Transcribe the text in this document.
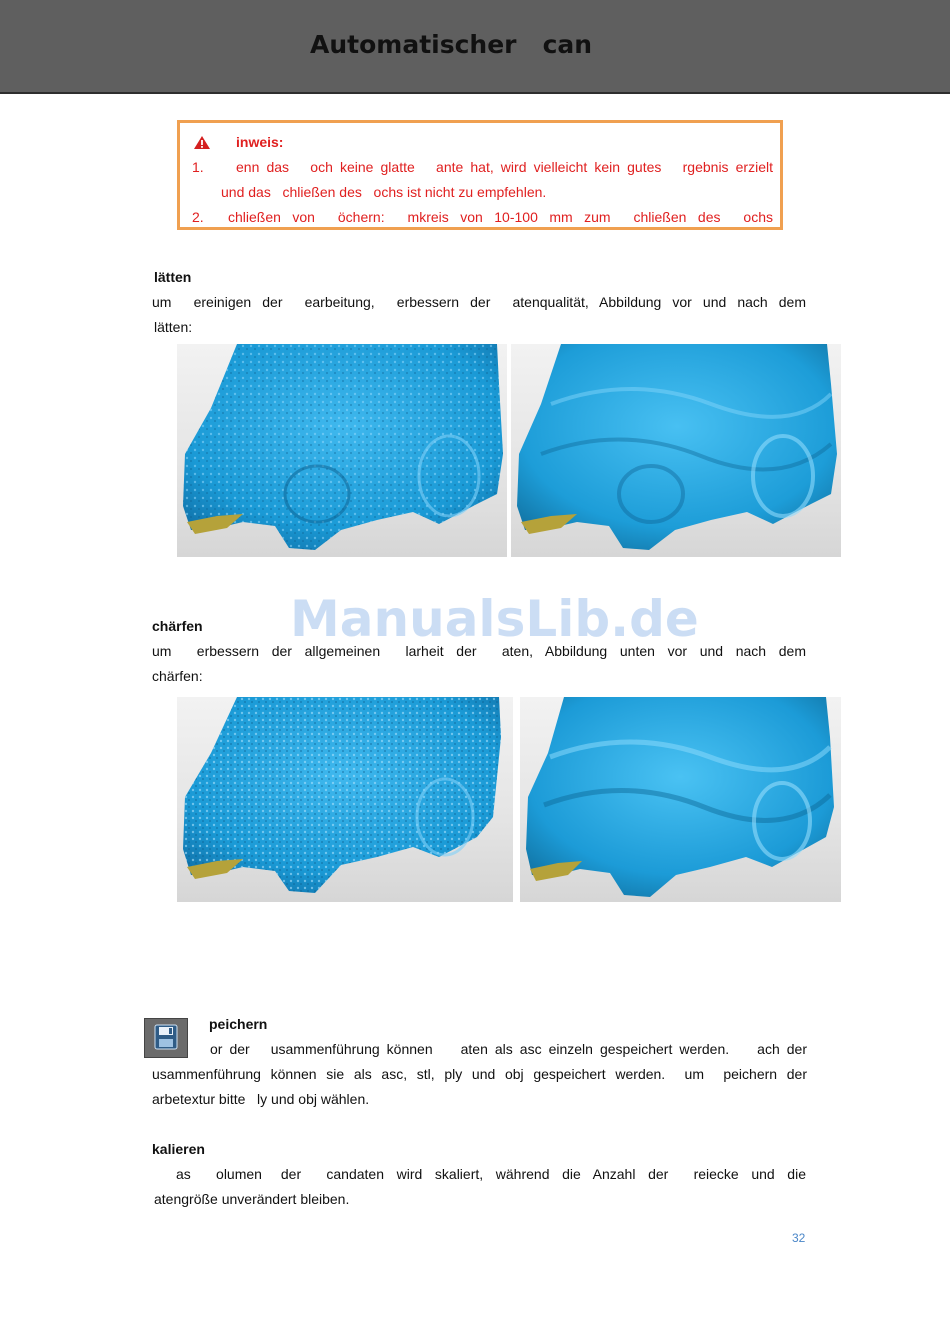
Automatischer   can
inweis:
1. enn das   och keine glatte   ante hat, wird vielleicht kein gutes   rgebnis erzielt
und das   chließen des   ochs ist nicht zu empfehlen.
2. chließen  von    öchern:    mkreis  von  10-100  mm  zum    chließen  des    ochs
lätten
um    ereinigen  der    earbeitung,    erbessern  der    atenqualität,  Abbildung  vor  und  nach  dem
lätten:
ManualsLib.de
chärfen
um    erbessern  der  allgemeinen    larheit  der    aten,  Abbildung  unten  vor  und  nach  dem
chärfen:
peichern
or der   usammenführung können    aten als asc einzeln gespeichert werden.    ach der
usammenführung  können  sie  als  asc,  stl,  ply  und  obj  gespeichert  werden.    um    peichern  der
arbetextur bitte   ly und obj wählen.
kalieren
as    olumen   der    candaten  wird  skaliert,  während  die  Anzahl  der    reiecke  und  die
atengröße unverändert bleiben.
32
